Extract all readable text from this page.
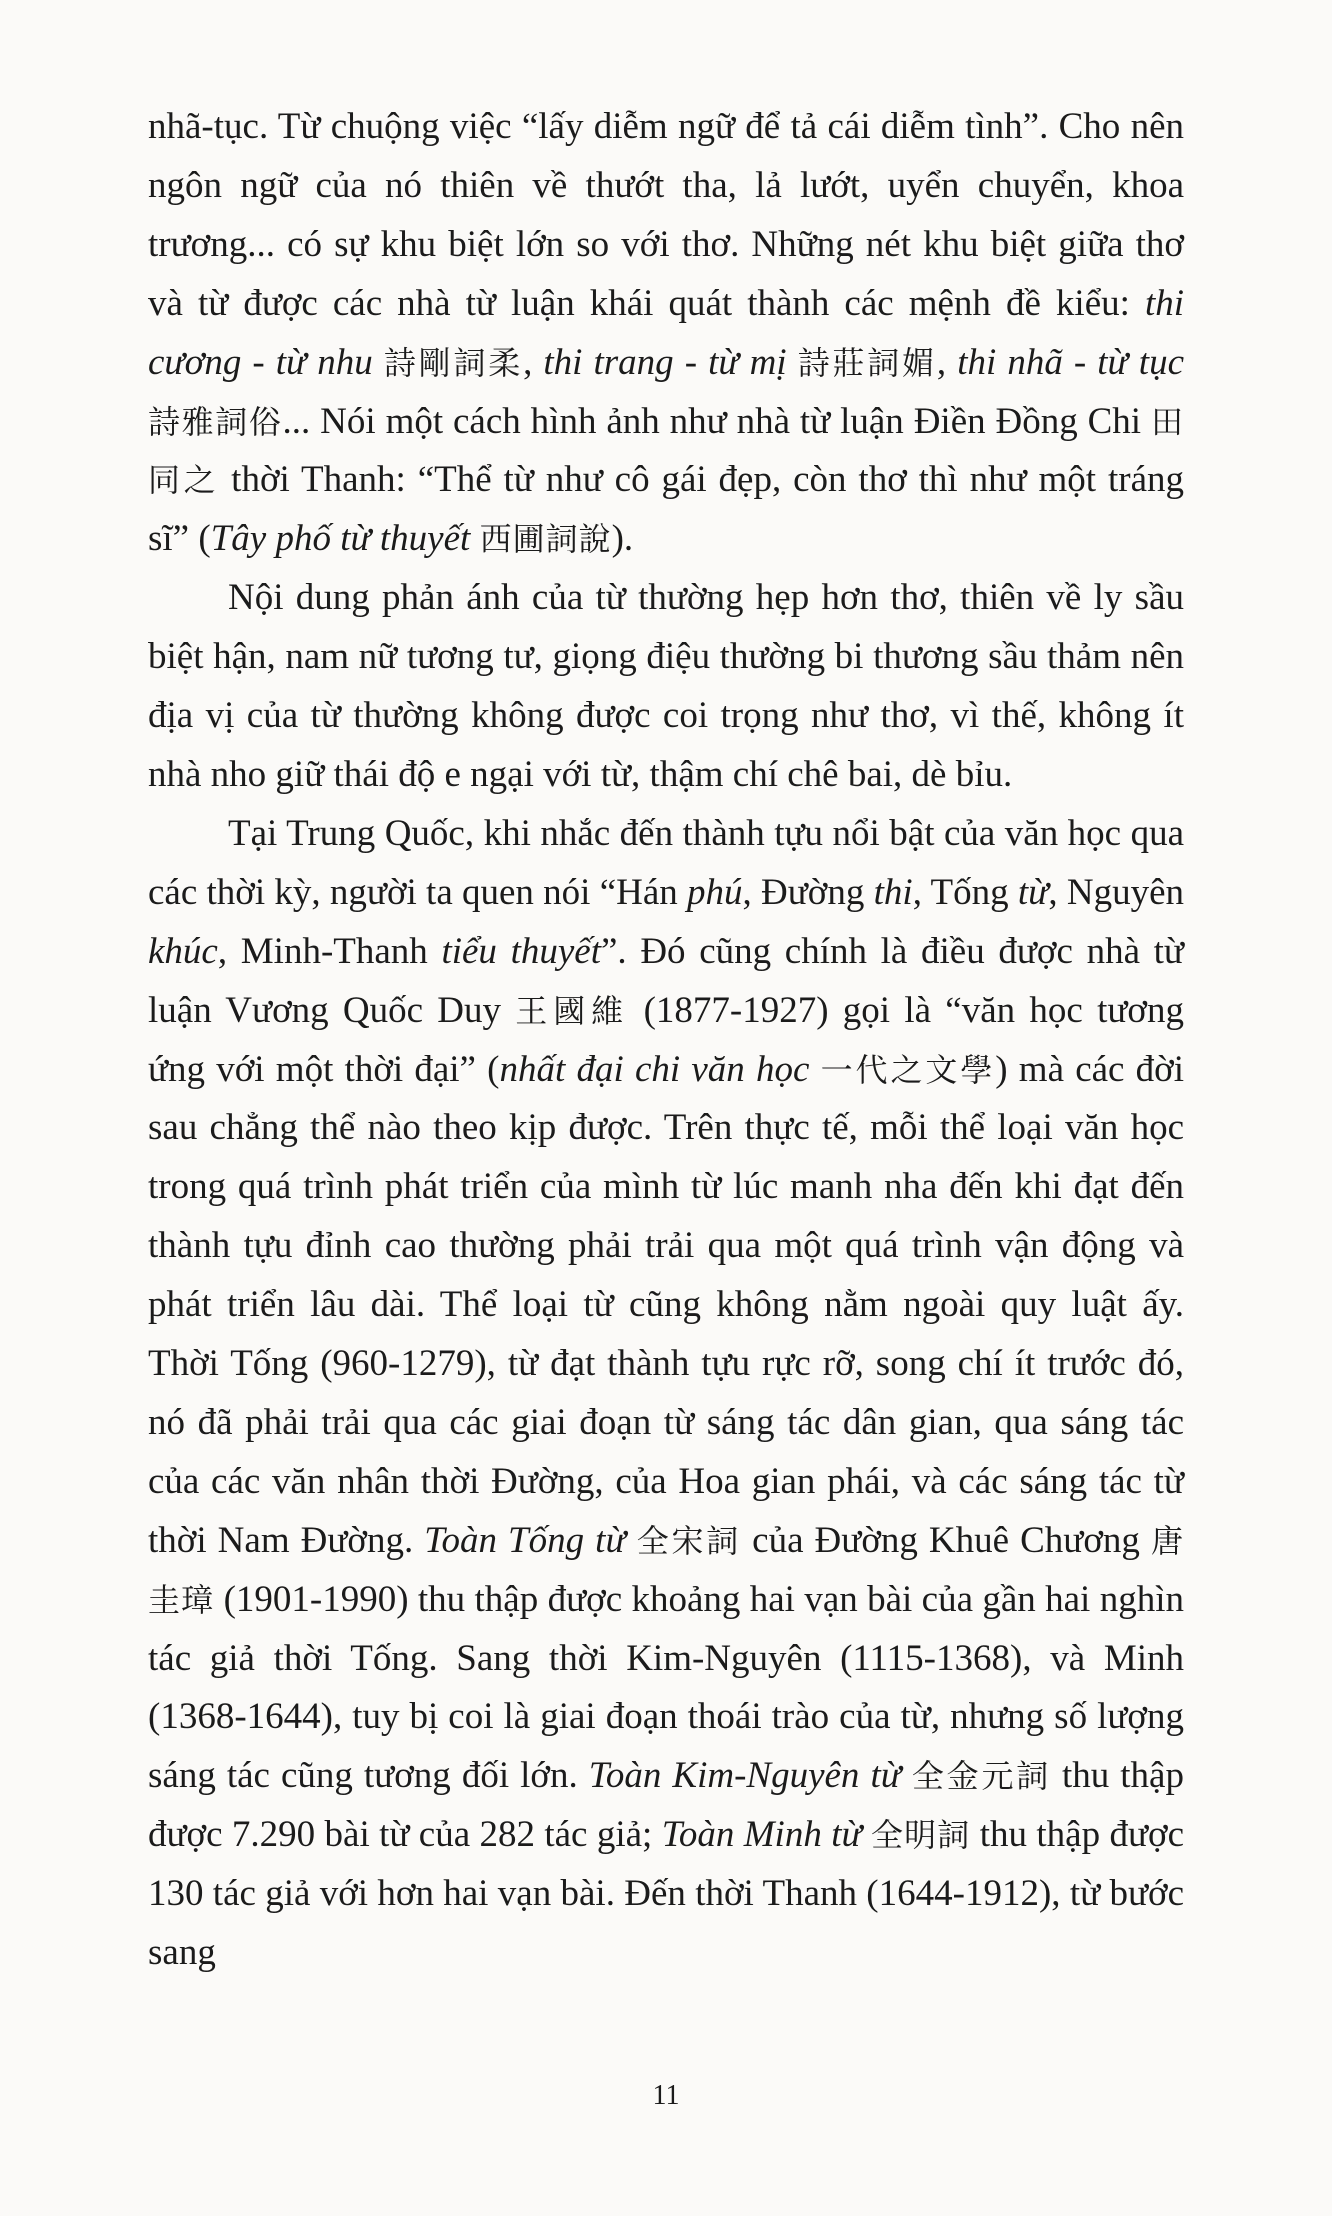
nhã-tục. Từ chuộng việc “lấy diễm ngữ để tả cái diễm tình”. Cho nên ngôn ngữ của nó thiên về thướt tha, lả lướt, uyển chuyển, khoa trương... có sự khu biệt lớn so với thơ. Những nét khu biệt giữa thơ và từ được các nhà từ luận khái quát thành các mệnh đề kiểu: thi cương - từ nhu 詩剛詞柔, thi trang - từ mị 詩莊詞媚, thi nhã - từ tục 詩雅詞俗... Nói một cách hình ảnh như nhà từ luận Điền Đồng Chi 田同之 thời Thanh: “Thể từ như cô gái đẹp, còn thơ thì như một tráng sĩ” (Tây phố từ thuyết 西圃詞說).

Nội dung phản ánh của từ thường hẹp hơn thơ, thiên về ly sầu biệt hận, nam nữ tương tư, giọng điệu thường bi thương sầu thảm nên địa vị của từ thường không được coi trọng như thơ, vì thế, không ít nhà nho giữ thái độ e ngại với từ, thậm chí chê bai, dè bỉu.

Tại Trung Quốc, khi nhắc đến thành tựu nổi bật của văn học qua các thời kỳ, người ta quen nói “Hán phú, Đường thi, Tống từ, Nguyên khúc, Minh-Thanh tiểu thuyết”. Đó cũng chính là điều được nhà từ luận Vương Quốc Duy 王國維 (1877-1927) gọi là “văn học tương ứng với một thời đại” (nhất đại chi văn học 一代之文學) mà các đời sau chẳng thể nào theo kịp được. Trên thực tế, mỗi thể loại văn học trong quá trình phát triển của mình từ lúc manh nha đến khi đạt đến thành tựu đỉnh cao thường phải trải qua một quá trình vận động và phát triển lâu dài. Thể loại từ cũng không nằm ngoài quy luật ấy. Thời Tống (960-1279), từ đạt thành tựu rực rỡ, song chí ít trước đó, nó đã phải trải qua các giai đoạn từ sáng tác dân gian, qua sáng tác của các văn nhân thời Đường, của Hoa gian phái, và các sáng tác từ thời Nam Đường. Toàn Tống từ 全宋詞 của Đường Khuê Chương 唐圭璋 (1901-1990) thu thập được khoảng hai vạn bài của gần hai nghìn tác giả thời Tống. Sang thời Kim-Nguyên (1115-1368), và Minh (1368-1644), tuy bị coi là giai đoạn thoái trào của từ, nhưng số lượng sáng tác cũng tương đối lớn. Toàn Kim-Nguyên từ 全金元詞 thu thập được 7.290 bài từ của 282 tác giả; Toàn Minh từ 全明詞 thu thập được 130 tác giả với hơn hai vạn bài. Đến thời Thanh (1644-1912), từ bước sang

11
